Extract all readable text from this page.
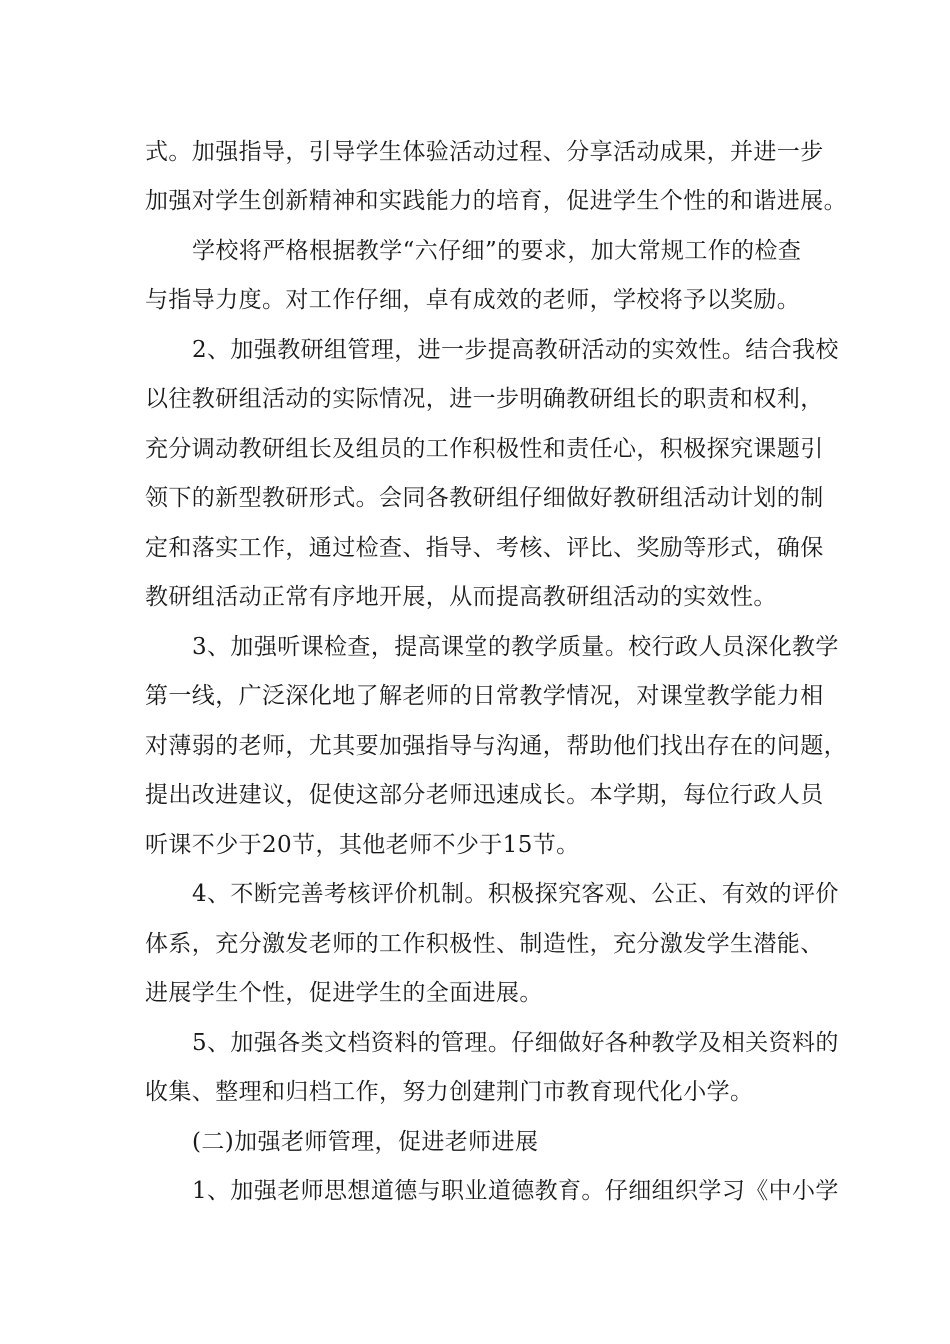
式。加强指导，引导学生体验活动过程、分享活动成果，并进一步
加强对学生创新精神和实践能力的培育，促进学生个性的和谐进展。
学校将严格根据教学“六仔细”的要求，加大常规工作的检查
与指导力度。对工作仔细，卓有成效的老师，学校将予以奖励。
2、加强教研组管理，进一步提高教研活动的实效性。结合我校
以往教研组活动的实际情况，进一步明确教研组长的职责和权利，
充分调动教研组长及组员的工作积极性和责任心，积极探究课题引
领下的新型教研形式。会同各教研组仔细做好教研组活动计划的制
定和落实工作，通过检查、指导、考核、评比、奖励等形式，确保
教研组活动正常有序地开展，从而提高教研组活动的实效性。
3、加强听课检查，提高课堂的教学质量。校行政人员深化教学
第一线，广泛深化地了解老师的日常教学情况，对课堂教学能力相
对薄弱的老师，尤其要加强指导与沟通，帮助他们找出存在的问题，
提出改进建议，促使这部分老师迅速成长。本学期，每位行政人员
听课不少于20节，其他老师不少于15节。
4、不断完善考核评价机制。积极探究客观、公正、有效的评价
体系，充分激发老师的工作积极性、制造性，充分激发学生潜能、
进展学生个性，促进学生的全面进展。
5、加强各类文档资料的管理。仔细做好各种教学及相关资料的
收集、整理和归档工作，努力创建荆门市教育现代化小学。
(二)加强老师管理，促进老师进展
1、加强老师思想道德与职业道德教育。仔细组织学习《中小学
